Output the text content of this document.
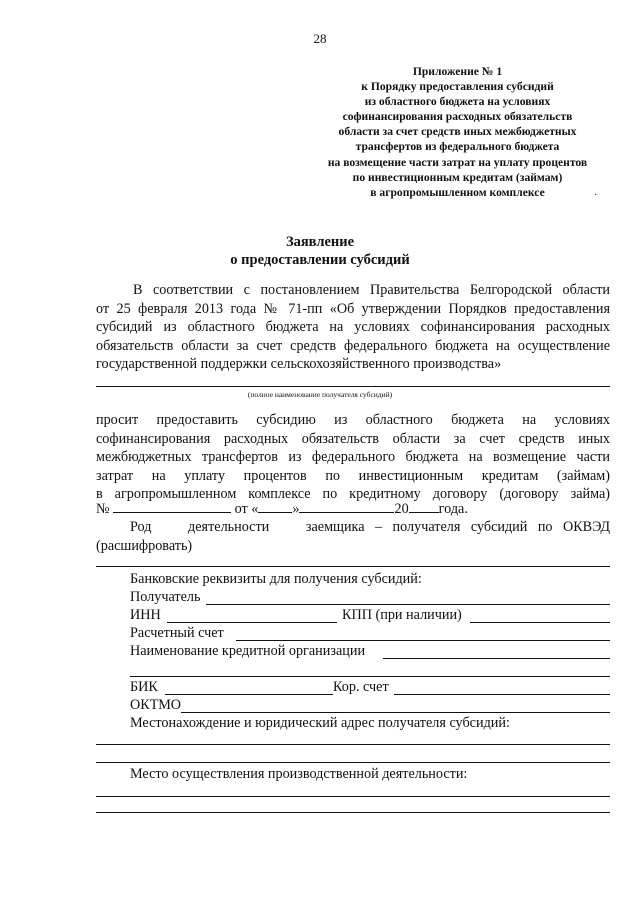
28
Приложение № 1
к Порядку предоставления субсидий
из областного бюджета на условиях
софинансирования расходных обязательств
области за счет средств иных межбюджетных
трансфертов из федерального бюджета
на возмещение части затрат на уплату процентов
по инвестиционным кредитам (займам)
в агропромышленном комплексе	·
Заявление
о предоставлении субсидий
В соответствии с постановлением Правительства Белгородской области
от 25 февраля 2013 года № 71-пп «Об утверждении Порядков предоставления
субсидий из областного бюджета на условиях софинансирования расходных
обязательств области за счет средств федерального бюджета на осуществление
государственной поддержки сельскохозяйственного производства»
(полное наименование получателя субсидий)
просит предоставить субсидию из областного бюджета на условиях
софинансирования расходных обязательств области за счет средств иных
межбюджетных трансфертов из федерального бюджета на возмещение части
затрат на уплату процентов по инвестиционным кредитам (займам)
в агропромышленном комплексе по кредитному договору (договору займа)
№	от « »	20 года.
Род       деятельности       заемщика  –  получателя  субсидий  по  ОКВЭД
(расшифровать)
Банковские реквизиты для получения субсидий:
Получатель
ИНН	КПП (при наличии)
Расчетный счет
Наименование кредитной организации
БИК	Кор. счет
ОКТМО
Местонахождение и юридический адрес получателя субсидий:
Место осуществления производственной деятельности:
